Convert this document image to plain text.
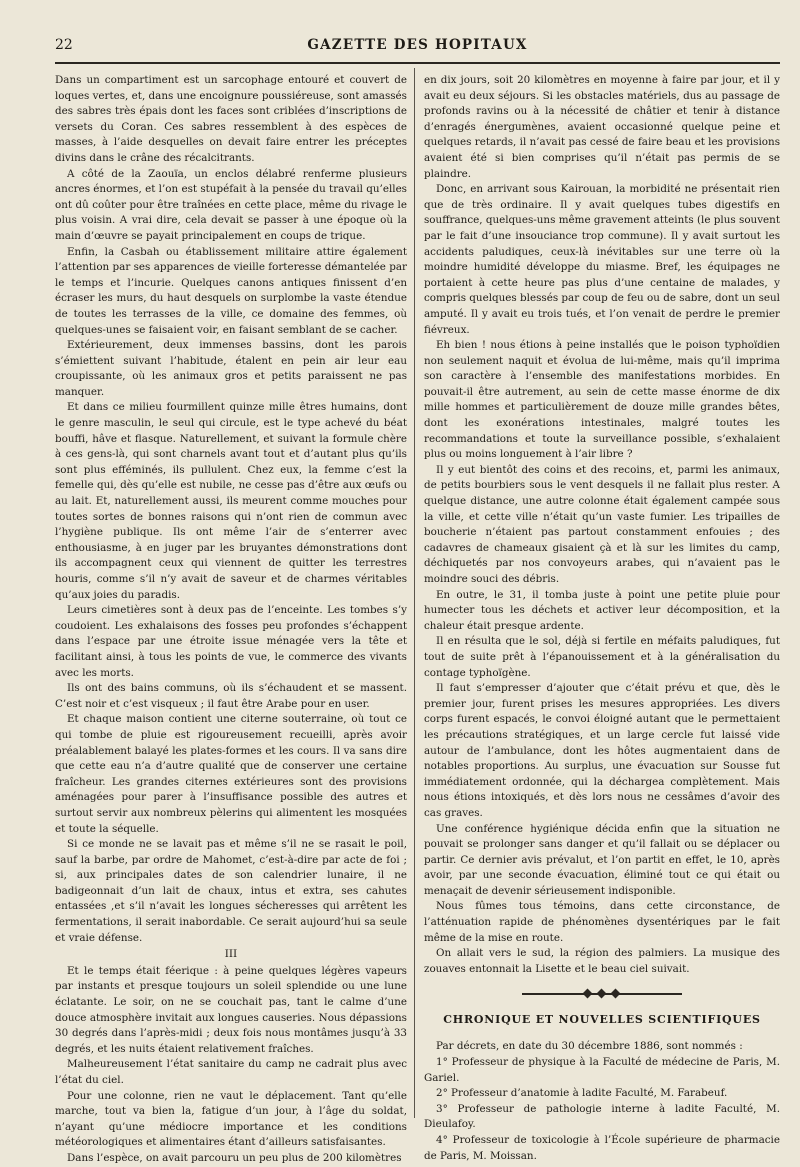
22	GAZETTE DES HOPITAUX

Dans un compartiment est un sarcophage entouré et couvert de loques vertes, et, dans une encoignure poussiéreuse, sont amassés des sabres très épais dont les faces sont criblées d’inscriptions de versets du Coran. Ces sabres ressemblent à des espèces de masses, à l’aide desquelles on devait faire entrer les préceptes divins dans le crâne des récalcitrants.

A côté de la Zaouïa, un enclos délabré renferme plusieurs ancres énormes, et l’on est stupéfait à la pensée du travail qu’elles ont dû coûter pour être traînées en cette place, même du rivage le plus voisin. A vrai dire, cela devait se passer à une époque où la main d’œuvre se payait principalement en coups de trique.

Enfin, la Casbah ou établissement militaire attire également l’attention par ses apparences de vieille forteresse démantelée par le temps et l’incurie. Quelques canons antiques finissent d’en écraser les murs, du haut desquels on surplombe la vaste étendue de toutes les terrasses de la ville, ce domaine des femmes, où quelques-unes se faisaient voir, en faisant semblant de se cacher.

Extérieurement, deux immenses bassins, dont les parois s’émiettent suivant l’habitude, étalent en pein air leur eau croupissante, où les animaux gros et petits paraissent ne pas manquer.

Et dans ce milieu fourmillent quinze mille êtres humains, dont le genre masculin, le seul qui circule, est le type achevé du béat bouffi, hâve et flasque. Naturellement, et suivant la formule chère à ces gens-là, qui sont charnels avant tout et d’autant plus qu’ils sont plus efféminés, ils pullulent. Chez eux, la femme c’est la femelle qui, dès qu’elle est nubile, ne cesse pas d’être aux œufs ou au lait. Et, naturellement aussi, ils meurent comme mouches pour toutes sortes de bonnes raisons qui n’ont rien de commun avec l’hygiène publique. Ils ont même l’air de s’enterrer avec enthousiasme, à en juger par les bruyantes démonstrations dont ils accompagnent ceux qui viennent de quitter les terrestres houris, comme s’il n’y avait de saveur et de charmes véritables qu’aux joies du paradis.

Leurs cimetières sont à deux pas de l’enceinte. Les tombes s’y coudoient. Les exhalaisons des fosses peu profondes s’échappent dans l’espace par une étroite issue ménagée vers la tête et facilitant ainsi, à tous les points de vue, le commerce des vivants avec les morts.

Ils ont des bains communs, où ils s’échaudent et se massent. C’est noir et c’est visqueux ; il faut être Arabe pour en user.

Et chaque maison contient une citerne souterraine, où tout ce qui tombe de pluie est rigoureusement recueilli, après avoir préalablement balayé les plates-formes et les cours. Il va sans dire que cette eau n’a d’autre qualité que de conserver une certaine fraîcheur. Les grandes citernes extérieures sont des provisions aménagées pour parer à l’insuffisance possible des autres et surtout servir aux nombreux pèlerins qui alimentent les mosquées et toute la séquelle.

Si ce monde ne se lavait pas et même s’il ne se rasait le poil, sauf la barbe, par ordre de Mahomet, c’est-à-dire par acte de foi ; si, aux principales dates de son calendrier lunaire, il ne badigeonnait d’un lait de chaux, intus et extra, ses cahutes entassées ,et s’il n’avait les longues sécheresses qui arrêtent les fermentations, il serait inabordable. Ce serait aujourd’hui sa seule et vraie défense.

III

Et le temps était féerique : à peine quelques légères vapeurs par instants et presque toujours un soleil splendide ou une lune éclatante. Le soir, on ne se couchait pas, tant le calme d’une douce atmosphère invitait aux longues causeries. Nous dépassions 30 degrés dans l’après-midi ; deux fois nous montâmes jusqu’à 33 degrés, et les nuits étaient relativement fraîches.

Malheureusement l’état sanitaire du camp ne cadrait plus avec l’état du ciel.

Pour une colonne, rien ne vaut le déplacement. Tant qu’elle marche, tout va bien la, fatigue d’un jour, à l’âge du soldat, n’ayant qu’une médiocre importance et les conditions météorologiques et alimentaires étant d’ailleurs satisfaisantes.

Dans l’espèce, on avait parcouru un peu plus de 200 kilomètres

en dix jours, soit 20 kilomètres en moyenne à faire par jour, et il y avait eu deux séjours. Si les obstacles matériels, dus au passage de profonds ravins ou à la nécessité de châtier et tenir à distance d’enragés énergumènes, avaient occasionné quelque peine et quelques retards, il n’avait pas cessé de faire beau et les provisions avaient été si bien comprises qu’il n’était pas permis de se plaindre.

Donc, en arrivant sous Kairouan, la morbidité ne présentait rien que de très ordinaire. Il y avait quelques tubes digestifs en souffrance, quelques-uns même gravement atteints (le plus souvent par le fait d’une insouciance trop commune). Il y avait surtout les accidents paludiques, ceux-là inévitables sur une terre où la moindre humidité développe du miasme. Bref, les équipages ne portaient à cette heure pas plus d’une centaine de malades, y compris quelques blessés par coup de feu ou de sabre, dont un seul amputé. Il y avait eu trois tués, et l’on venait de perdre le premier fiévreux.

Eh bien ! nous étions à peine installés que le poison typhoïdien non seulement naquit et évolua de lui-même, mais qu’il imprima son caractère à l’ensemble des manifestations morbides. En pouvait-il être autrement, au sein de cette masse énorme de dix mille hommes et particulièrement de douze mille grandes bêtes, dont les exonérations intestinales, malgré toutes les recommandations et toute la surveillance possible, s’exhalaient plus ou moins longuement à l’air libre ?

Il y eut bientôt des coins et des recoins, et, parmi les animaux, de petits bourbiers sous le vent desquels il ne fallait plus rester. A quelque distance, une autre colonne était également campée sous la ville, et cette ville n’était qu’un vaste fumier. Les tripailles de boucherie n’étaient pas partout constamment enfouies ; des cadavres de chameaux gisaient çà et là sur les limites du camp, déchiquetés par nos convoyeurs arabes, qui n’avaient pas le moindre souci des débris.

En outre, le 31, il tomba juste à point une petite pluie pour humecter tous les déchets et activer leur décomposition, et la chaleur était presque ardente.

Il en résulta que le sol, déjà si fertile en méfaits paludiques, fut tout de suite prêt à l’épanouissement et à la généralisation du contage typhoïgène.

Il faut s’empresser d’ajouter que c’était prévu et que, dès le premier jour, furent prises les mesures appropriées. Les divers corps furent espacés, le convoi éloigné autant que le permettaient les précautions stratégiques, et un large cercle fut laissé vide autour de l’ambulance, dont les hôtes augmentaient dans de notables proportions. Au surplus, une évacuation sur Sousse fut immédiatement ordonnée, qui la déchargea complètement. Mais nous étions intoxiqués, et dès lors nous ne cessâmes d’avoir des cas graves.

Une conférence hygiénique décida enfin que la situation ne pouvait se prolonger sans danger et qu’il fallait ou se déplacer ou partir. Ce dernier avis prévalut, et l’on partit en effet, le 10, après avoir, par une seconde évacuation, éliminé tout ce qui était ou menaçait de devenir sérieusement indisponible.

Nous fûmes tous témoins, dans cette circonstance, de l’atténuation rapide de phénomènes dysentériques par le fait même de la mise en route.

On allait vers le sud, la région des palmiers. La musique des zouaves entonnait la Lisette et le beau ciel suivait.

CHRONIQUE ET NOUVELLES SCIENTIFIQUES

Par décrets, en date du 30 décembre 1886, sont nommés :

1° Professeur de physique à la Faculté de médecine de Paris, M. Gariel.
2° Professeur d’anatomie à ladite Faculté, M. Farabeuf.
3° Professeur de pathologie interne à ladite Faculté, M. Dieulafoy.
4° Professeur de toxicologie à l’École supérieure de pharmacie de Paris, M. Moissan.
